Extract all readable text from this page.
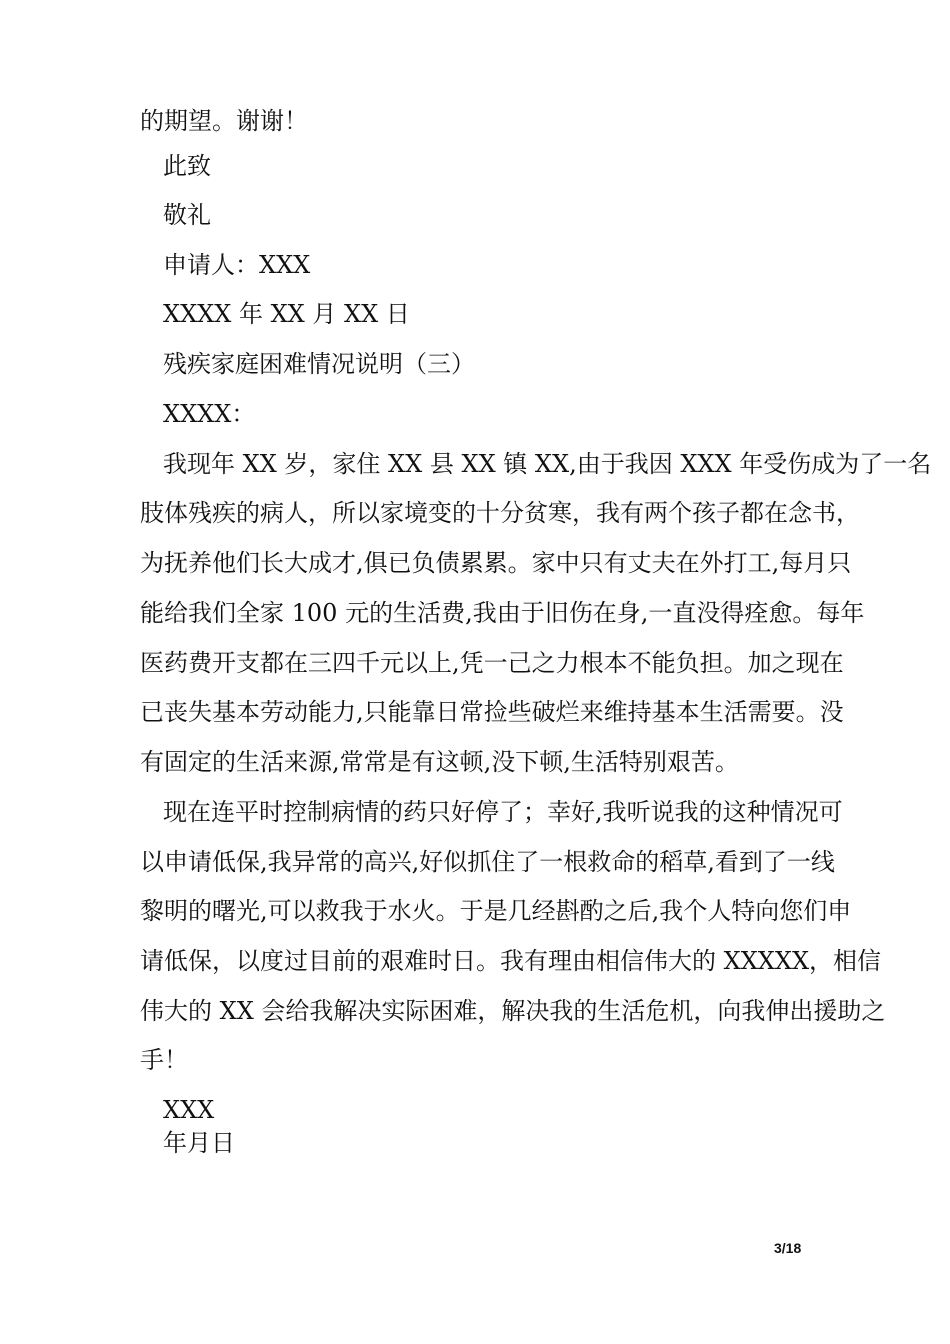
的期望。谢谢！
此致
敬礼
申请人：XXX
XXXX 年 XX 月 XX 日
残疾家庭困难情况说明（三）
XXXX：
我现年 XX 岁，家住 XX 县 XX 镇 XX,由于我因 XXX 年受伤成为了一名
肢体残疾的病人，所以家境变的十分贫寒，我有两个孩子都在念书，
为抚养他们长大成才,俱已负债累累。家中只有丈夫在外打工,每月只
能给我们全家 100 元的生活费,我由于旧伤在身,一直没得痊愈。每年
医药费开支都在三四千元以上,凭一己之力根本不能负担。加之现在
已丧失基本劳动能力,只能靠日常捡些破烂来维持基本生活需要。没
有固定的生活来源,常常是有这顿,没下顿,生活特别艰苦。
现在连平时控制病情的药只好停了；幸好,我听说我的这种情况可
以申请低保,我异常的高兴,好似抓住了一根救命的稻草,看到了一线
黎明的曙光,可以救我于水火。于是几经斟酌之后,我个人特向您们申
请低保，以度过目前的艰难时日。我有理由相信伟大的 XXXXX，相信
伟大的 XX 会给我解决实际困难，解决我的生活危机，向我伸出援助之
手！
XXX
年月日
3/18
